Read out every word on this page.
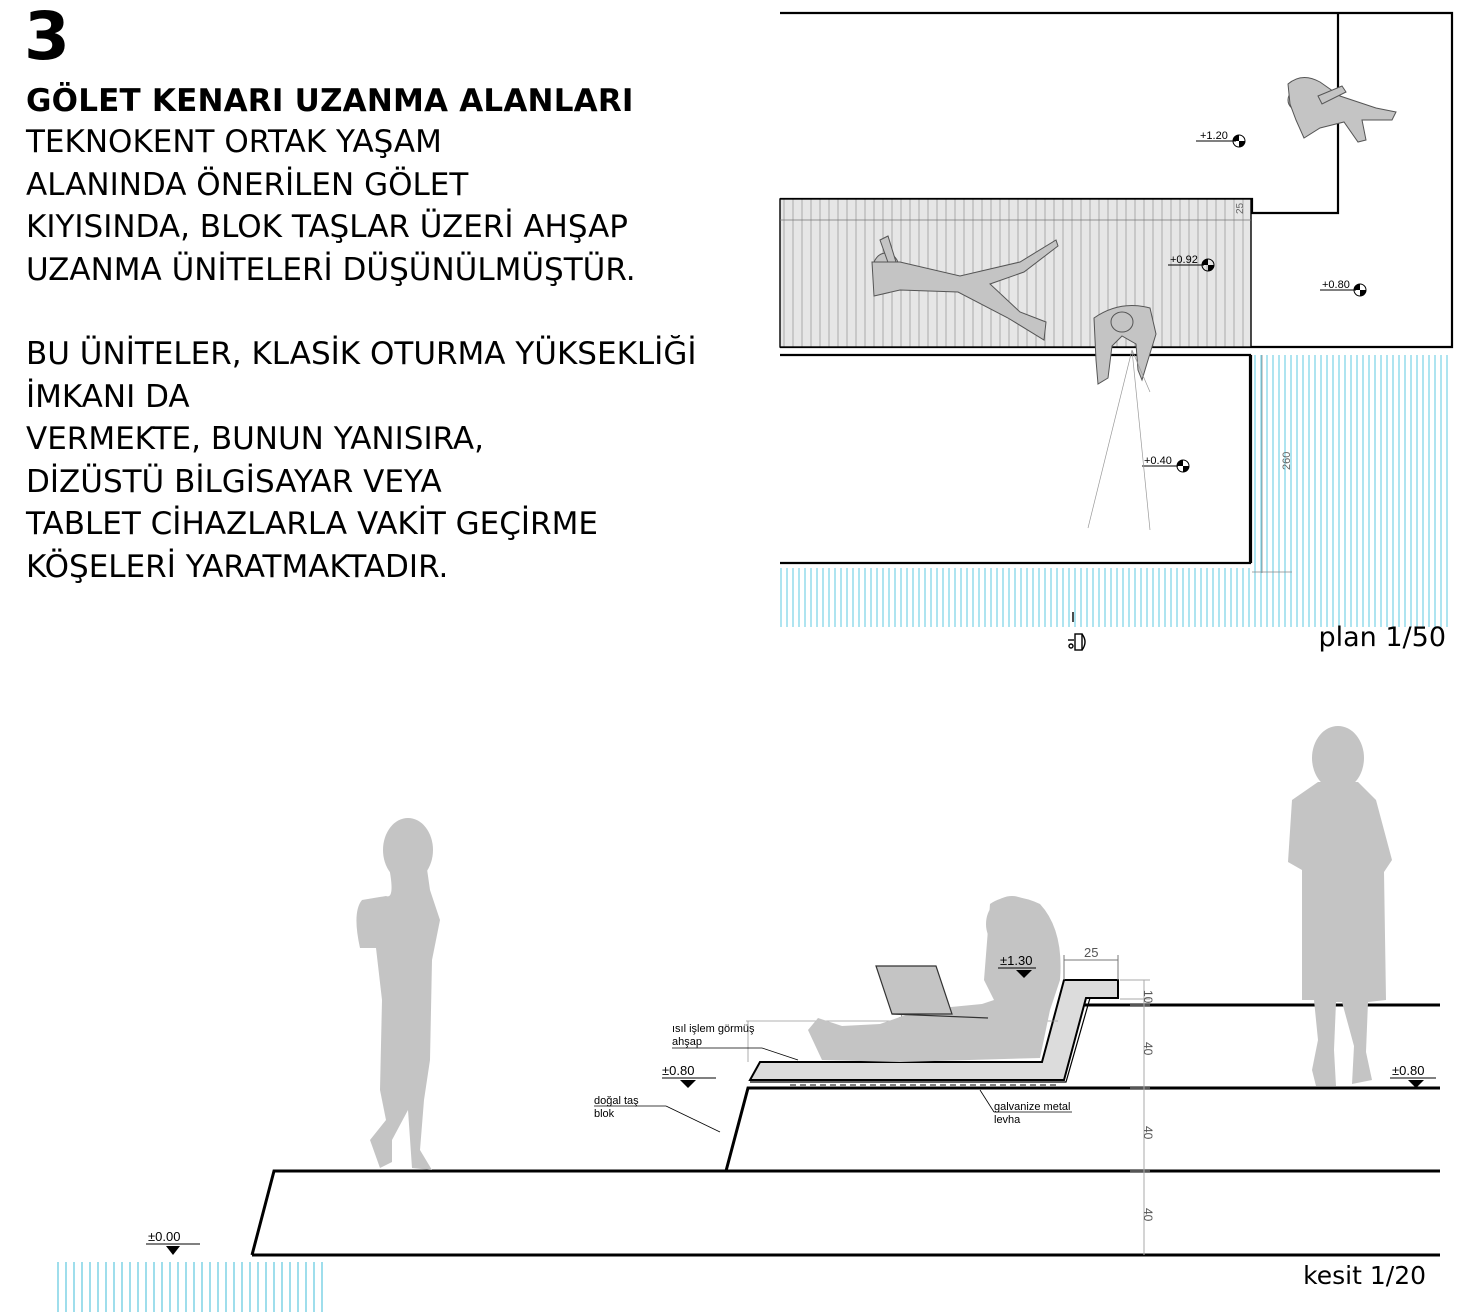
3
GÖLET KENARI UZANMA ALANLARI
TEKNOKENT ORTAK YAŞAM
ALANINDA ÖNERİLEN GÖLET
KIYISINDA, BLOK TAŞLAR ÜZERİ AHŞAP
UZANMA ÜNİTELERİ DÜŞÜNÜLMÜŞTÜR.
BU ÜNİTELER, KLASİK OTURMA YÜKSEKLİĞİ
İMKANI DA
VERMEKTE, BUNUN YANISIRA,
DİZÜSTÜ BİLGİSAYAR VEYA
TABLET CİHAZLARLA VAKİT GEÇİRME
KÖŞELERİ YARATMAKTADIR.
260
25
+1.20
+0.92
+0.80
+0.40
plan 1/50
10
40
40
40
25
±0.00
±0.80	±0.80
±1.30
ısıl işlem görmüş
ahşap
doğal taş
blok
galvanize metal
levha
kesit 1/20
